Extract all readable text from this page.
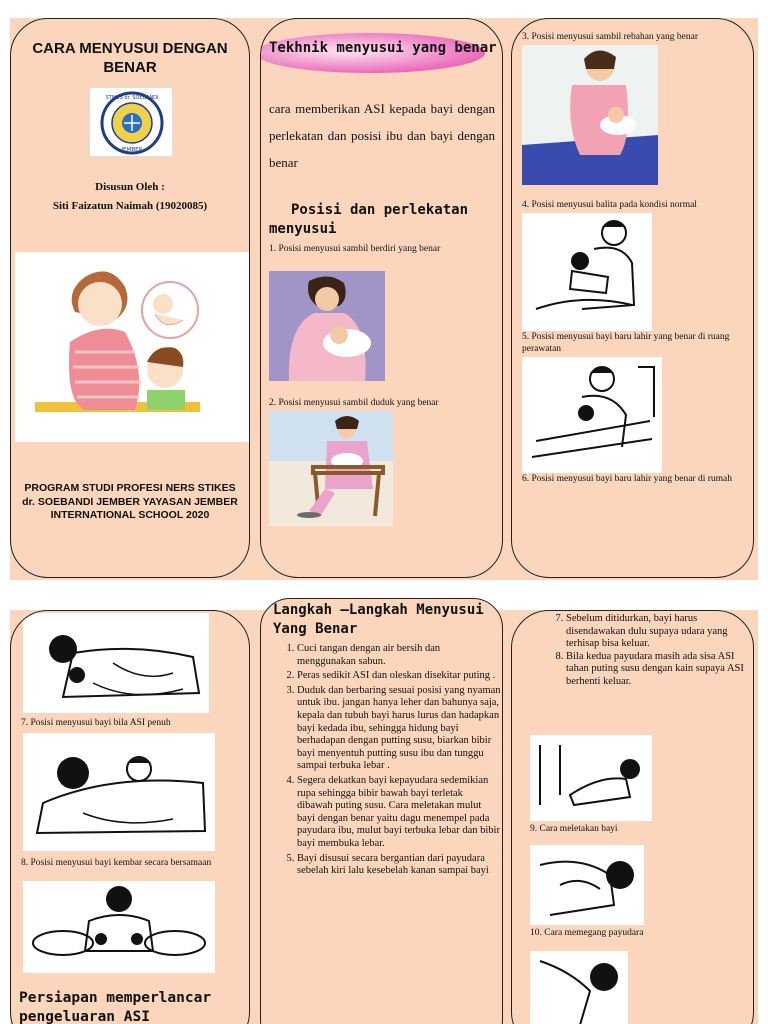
CARA MENYUSUI DENGAN BENAR
STIKES dr. SOEBANDI
JEMBER
Disusun Oleh :
Siti Faizatun Naimah (19020085)
PROGRAM STUDI PROFESI NERS STIKES dr. SOEBANDI JEMBER YAYASAN JEMBER INTERNATIONAL SCHOOL 2020
Tekhnik menyusui yang benar
cara memberikan ASI kepada bayi dengan perlekatan dan posisi ibu dan bayi dengan benar
Posisi dan perlekatan menyusui
1. Posisi menyusui sambil berdiri yang benar
2. Posisi menyusui sambil duduk yang benar
3. Posisi menyusui sambil rebahan yang benar
4. Posisi menyusui balita pada kondisi normal
5. Posisi menyusui bayi baru lahir yang benar di ruang perawatan
6. Posisi menyusui bayi baru lahir yang benar di rumah
7. Posisi menyusui bayi bila ASI penuh
8. Posisi menyusui bayi kembar secara bersamaan
Persiapan memperlancar pengeluaran ASI
Langkah –Langkah Menyusui Yang Benar
1. Cuci tangan dengan air bersih dan menggunakan sabun.
2. Peras sedikit ASI dan oleskan disekitar puting .
3. Duduk dan berbaring sesuai posisi yang nyaman untuk ibu. jangan hanya leher dan bahunya saja, kepala dan tubuh bayi harus lurus dan hadapkan bayi kedada ibu, sehingga hidung bayi berhadapan dengan putting susu, biarkan bibir bayi menyentuh putting susu ibu dan tunggu sampai terbuka lebar .
4. Segera dekatkan bayi kepayudara sedemikian rupa sehingga bibir bawah bayi terletak dibawah puting susu. Cara meletakan mulut bayi dengan benar yaitu dagu menempel pada payudara ibu, mulut bayi terbuka lebar dan bibir bayi membuka lebar.
5. Bayi disusui secara bergantian dari payudara sebelah kiri lalu kesebelah kanan sampai bayi
7. Sebelum ditidurkan, bayi harus disendawakan dulu supaya udara yang terhisap bisa keluar.
8. Bila kedua payudara masih ada sisa ASI tahan puting susu dengan kain supaya ASI berhenti keluar.
9. Cara meletakan bayi
10. Cara memegang payudara
